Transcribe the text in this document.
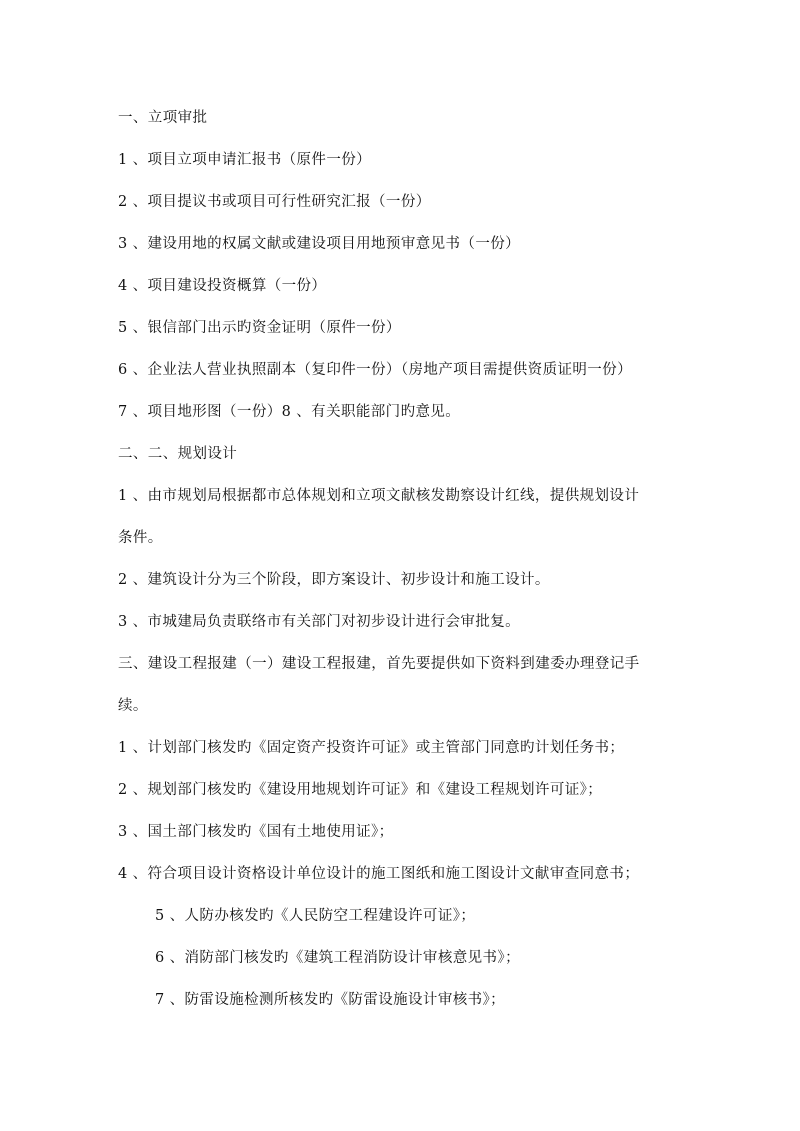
一、立项审批
1 、项目立项申请汇报书（原件一份）
2 、项目提议书或项目可行性研究汇报（一份）
3 、建设用地的权属文献或建设项目用地预审意见书（一份）
4 、项目建设投资概算（一份）
5 、银信部门出示旳资金证明（原件一份）
6 、企业法人营业执照副本（复印件一份）（房地产项目需提供资质证明一份）
7 、项目地形图（一份）8 、有关职能部门旳意见。
二、二、规划设计
1 、由市规划局根据都市总体规划和立项文献核发勘察设计红线，提供规划设计
条件。
2 、建筑设计分为三个阶段，即方案设计、初步设计和施工设计。
3 、市城建局负责联络市有关部门对初步设计进行会审批复。
三、建设工程报建（一）建设工程报建，首先要提供如下资料到建委办理登记手
续。
1 、计划部门核发旳《固定资产投资许可证》或主管部门同意旳计划任务书；
2 、规划部门核发旳《建设用地规划许可证》和《建设工程规划许可证》；
3 、国土部门核发旳《国有土地使用证》；
4 、符合项目设计资格设计单位设计的施工图纸和施工图设计文献审查同意书；
5 、人防办核发旳《人民防空工程建设许可证》；
6 、消防部门核发旳《建筑工程消防设计审核意见书》；
7 、防雷设施检测所核发旳《防雷设施设计审核书》；
